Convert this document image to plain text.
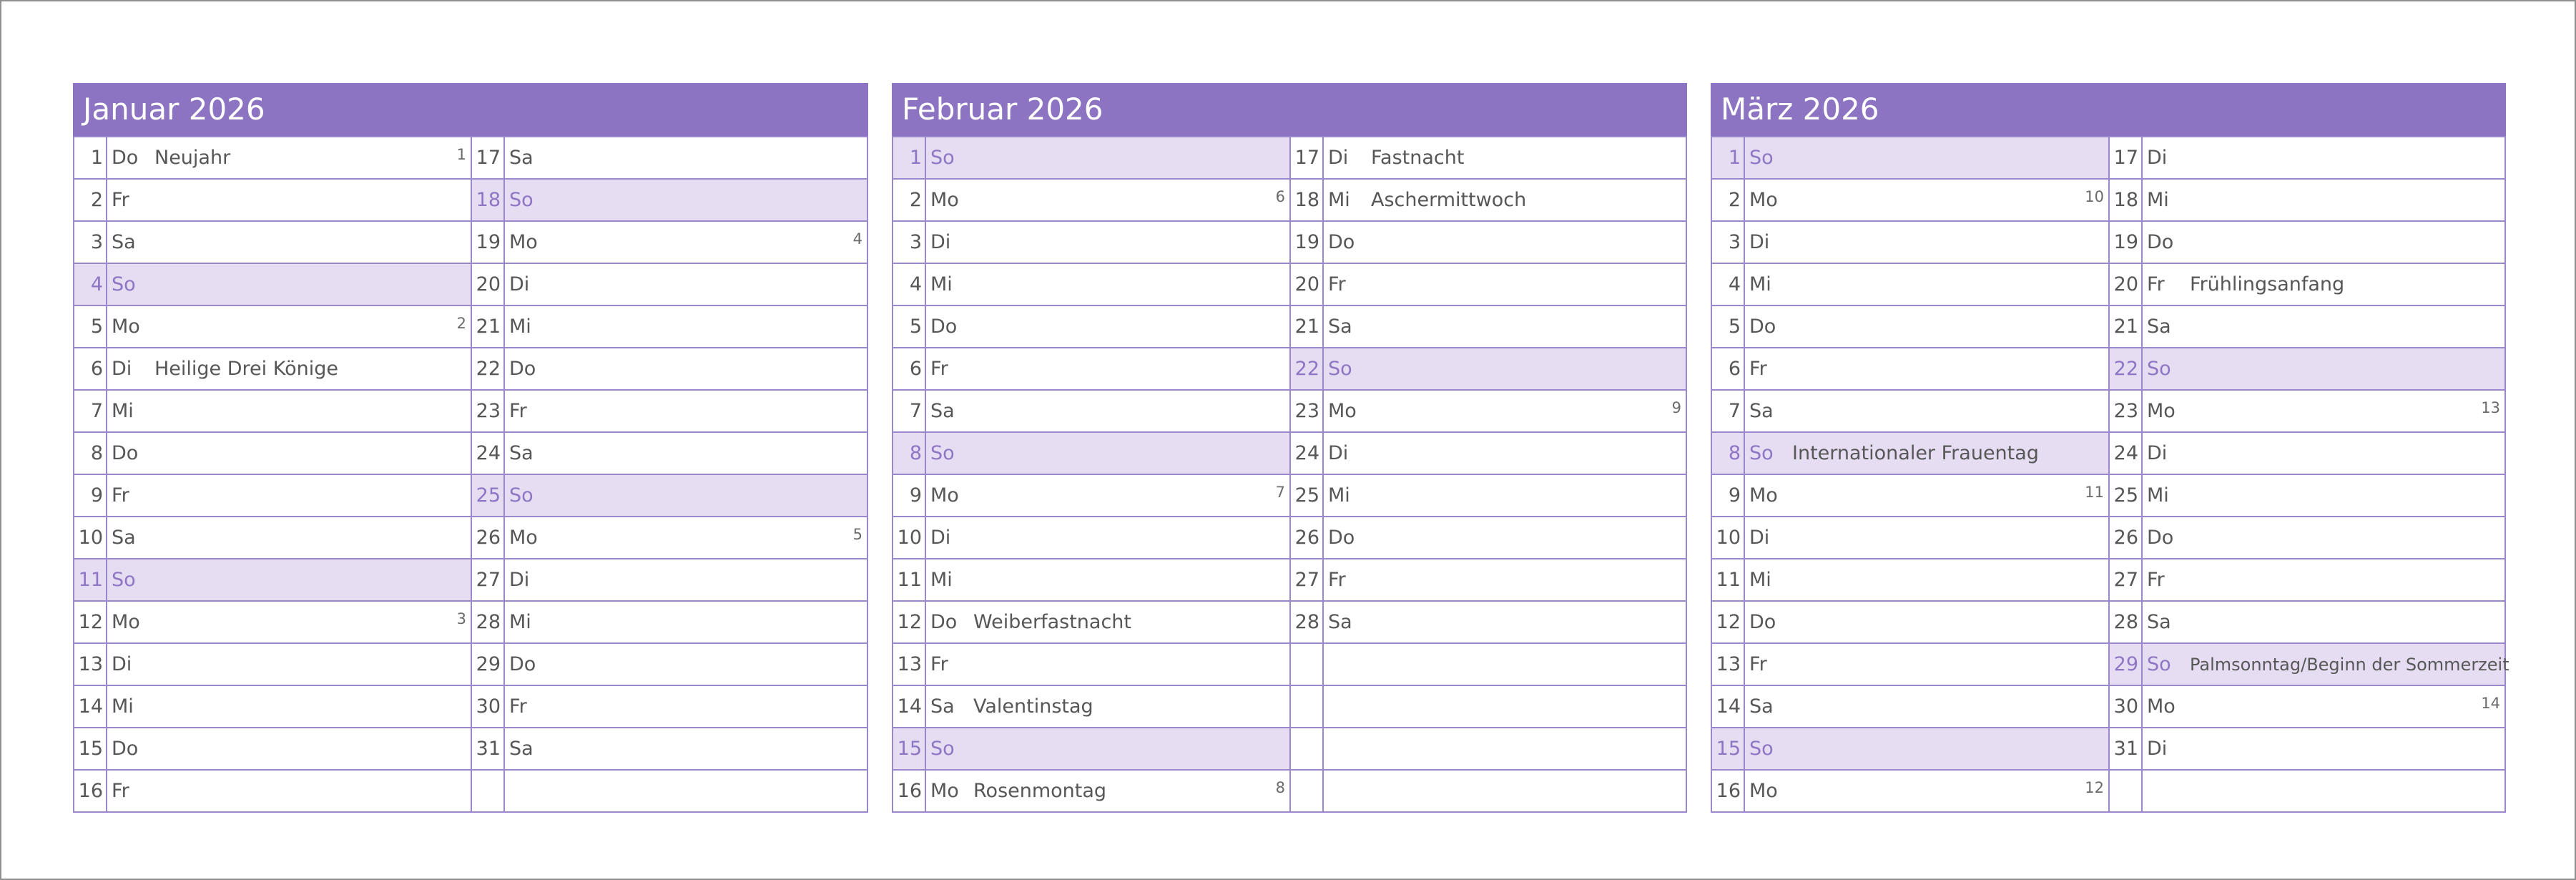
Januar 2026
1 Do Neujahr	1
2 Fr
3 Sa
4 So
5 Mo	2
6 Di	Heilige Drei Könige
7 Mi
8 Do
9 Fr
10 Sa
11 So
12 Mo	3
13 Di
14 Mi
15 Do
16 Fr
17 Sa
18 So
19 Mo	4
20 Di
21 Mi
22 Do
23 Fr
24 Sa
25 So
26 Mo	5
27 Di
28 Mi
29 Do
30 Fr
31 Sa
Februar 2026
1 So
2 Mo	6
3 Di
4 Mi
5 Do
6 Fr
7 Sa
8 So
9 Mo	7
10 Di
11 Mi
12 Do Weiberfastnacht
13 Fr
14 Sa Valentinstag
15 So
16 Mo Rosenmontag	8
17 Di	Fastnacht
18 Mi	Aschermittwoch
19 Do
20 Fr
21 Sa
22 So
23 Mo	9
24 Di
25 Mi
26 Do
27 Fr
28 Sa
März 2026
1 So
2 Mo	10
3 Di
4 Mi
5 Do
6 Fr
7 Sa
8 So Internationaler Frauentag
9 Mo	11
10 Di
11 Mi
12 Do
13 Fr
14 Sa
15 So
16 Mo	12
17 Di
18 Mi
19 Do
20 Fr	Frühlingsanfang
21 Sa
22 So
23 Mo	13
24 Di
25 Mi
26 Do
27 Fr
28 Sa
29 So	Palmsonntag/Beginn der Sommerzeit
30 Mo	14
31 Di
